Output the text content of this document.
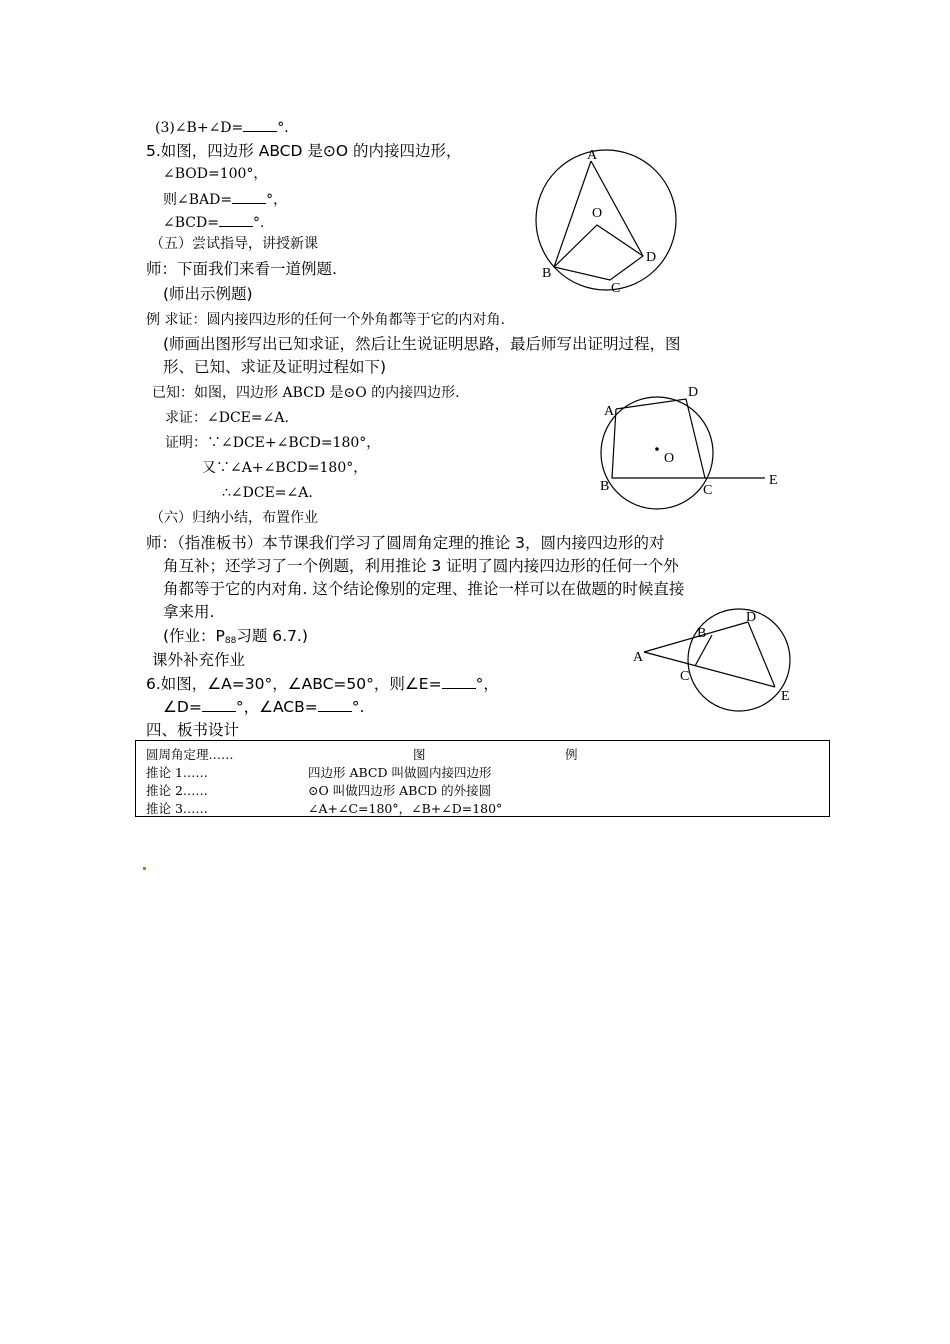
(3)∠B+∠D= °．
5.如图，四边形 ABCD 是⊙O 的内接四边形，
∠BOD=100°，
则∠BAD= °，
∠BCD= °．
A
O
B
C
D
（五）尝试指导，讲授新课
师：下面我们来看一道例题.
(师出示例题)
例 求证：圆内接四边形的任何一个外角都等于它的内对角.
(师画出图形写出已知求证，然后让生说证明思路，最后师写出证明过程，图
形、已知、求证及证明过程如下)
已知：如图，四边形 ABCD 是⊙O 的内接四边形.
求证：∠DCE=∠A.
证明：∵∠DCE+∠BCD=180°，
又∵∠A+∠BCD=180°，
∴∠DCE=∠A.
A
D
O
B	C
E
（六）归纳小结，布置作业
师：（指准板书）本节课我们学习了圆周角定理的推论 3，圆内接四边形的对
角互补；还学习了一个例题，利用推论 3 证明了圆内接四边形的任何一个外
角都等于它的内对角. 这个结论像别的定理、推论一样可以在做题的时候直接
拿来用.
(作业：$P_{88}$习题 6.7.)
课外补充作业
6.如图，∠A=30°，∠ABC=50°，则∠E= °，
∠D= °，∠ACB= °.
A
B
C
D
E
四、板书设计
圆周角定理……	图	例
推论 1……	四边形 ABCD 叫做圆内接四边形
推论 2……	⊙O 叫做四边形 ABCD 的外接圆
推论 3……	∠A+∠C=180°，∠B+∠D=180°
